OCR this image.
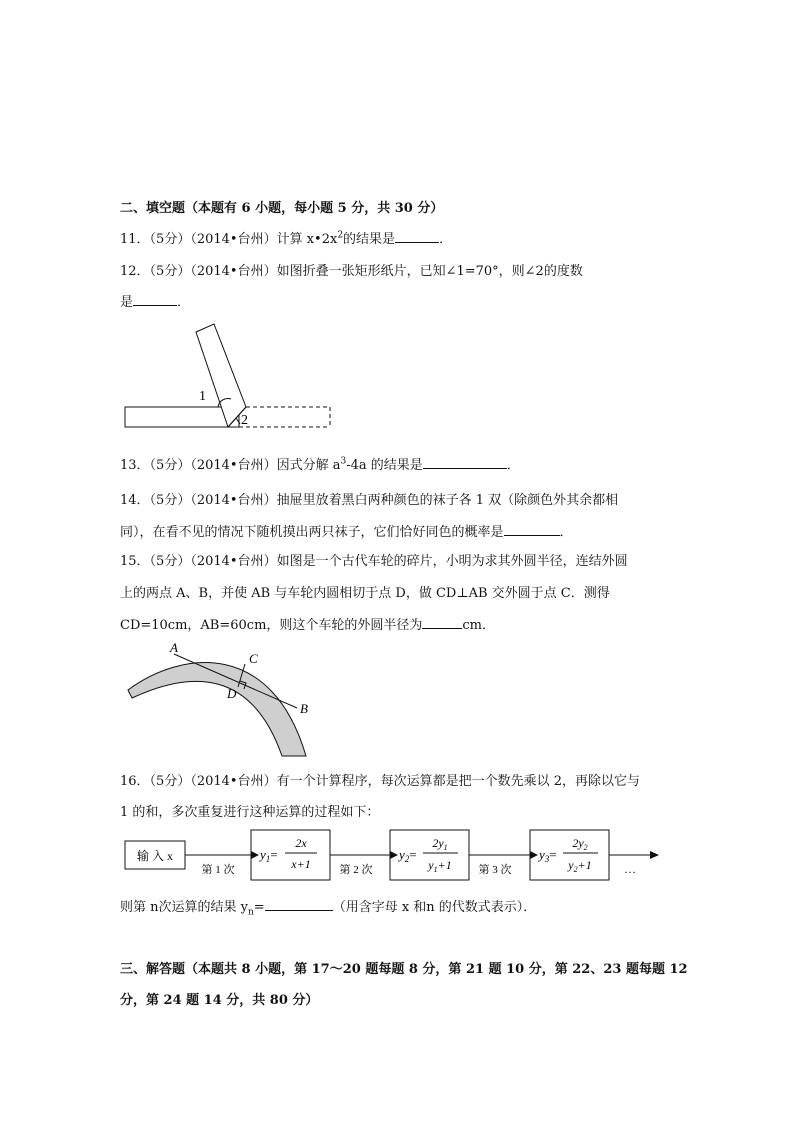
二、填空题（本题有 6 小题，每小题 5 分，共 30 分）
11．（5分）（2014•台州）计算 $x•2x^2$的结果是	．
12．（5分）（2014•台州）如图折叠一张矩形纸片，已知∠1=70°，则∠2的度数
是	．
1
2
13．（5分）（2014•台州）因式分解 $a^3-4a$ 的结果是	．
14．（5分）（2014•台州）抽屉里放着黑白两种颜色的袜子各 1 双（除颜色外其余都相
同），在看不见的情况下随机摸出两只袜子，它们恰好同色的概率是	．
15．（5分）（2014•台州）如图是一个古代车轮的碎片，小明为求其外圆半径，连结外圆
上的两点 A、B，并使 AB 与车轮内圆相切于点 D，做 CD⊥AB 交外圆于点 C．测得
CD=10cm，AB=60cm，则这个车轮的外圆半径为	cm．
A
C
D
B
16．（5分）（2014•台州）有一个计算程序，每次运算都是把一个数先乘以 2，再除以它与
1 的和，多次重复进行这种运算的过程如下：
输 入 x
第 1 次
$y_1=$
2x
x+1	第 2 次
$y_2=$
$2y_1$
$y_1+1$ 第 3 次
$y_3=$
$2y_2$
$y_2+1$	…
则第 n次运算的结果 $y_n=$	（用含字母 x 和n 的代数式表示）．
三、解答题（本题共 8 小题，第 17～20 题每题 8 分，第 21 题 10 分，第 22、23 题每题 12
分，第 24 题 14 分，共 80 分）
